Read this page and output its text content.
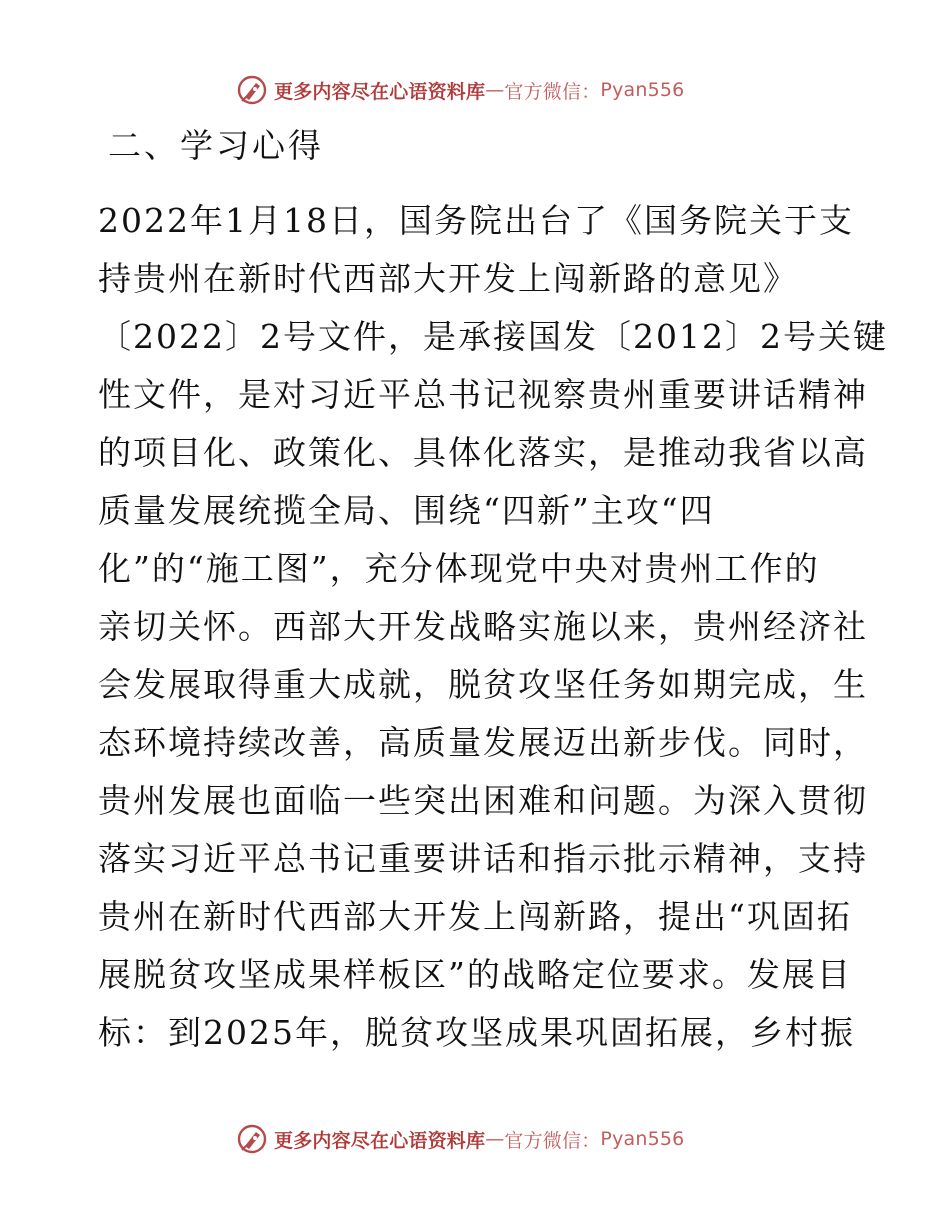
更多内容尽在心语资料库 — 官方微信： Pyan556
二、学习心得
2022年1月18日，国务院出台了《国务院关于支
持贵州在新时代西部大开发上闯新路的意见》
〔2022〕2号文件，是承接国发〔2012〕2号关键
性文件，是对习近平总书记视察贵州重要讲话精神
的项目化、政策化、具体化落实，是推动我省以高
质量发展统揽全局、围绕“四新”主攻“四
化”的“施工图”，充分体现党中央对贵州工作的
亲切关怀。西部大开发战略实施以来，贵州经济社
会发展取得重大成就，脱贫攻坚任务如期完成，生
态环境持续改善，高质量发展迈出新步伐。同时，
贵州发展也面临一些突出困难和问题。为深入贯彻
落实习近平总书记重要讲话和指示批示精神，支持
贵州在新时代西部大开发上闯新路，提出“巩固拓
展脱贫攻坚成果样板区”的战略定位要求。发展目
标：到2025年，脱贫攻坚成果巩固拓展，乡村振
更多内容尽在心语资料库 — 官方微信： Pyan556
